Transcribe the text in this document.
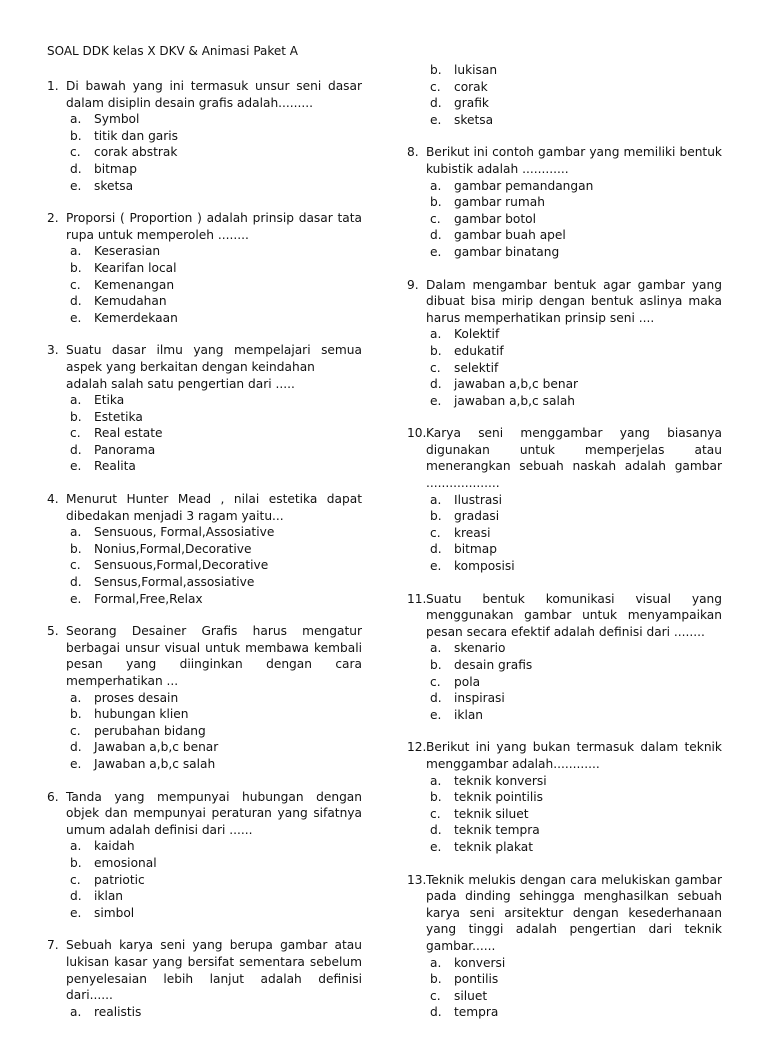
SOAL DDK kelas X DKV & Animasi Paket A
1. Di bawah yang ini termasuk unsur seni dasar dalam disiplin desain grafis adalah.........
a.	Symbol
b.	titik dan garis
c.	corak abstrak
d.	bitmap
e.	sketsa
2. Proporsi ( Proportion ) adalah prinsip dasar tata rupa untuk memperoleh ........
a.	Keserasian
b.	Kearifan local
c.	Kemenangan
d.	Kemudahan
e.	Kemerdekaan
3. Suatu dasar ilmu yang mempelajari semua aspek yang berkaitan dengan keindahan
adalah salah satu pengertian dari .....
a.	Etika
b.	Estetika
c.	Real estate
d.	Panorama
e.	Realita
4. Menurut Hunter Mead , nilai estetika dapat dibedakan menjadi 3 ragam yaitu...
a.	Sensuous, Formal,Assosiative
b.	Nonius,Formal,Decorative
c.	Sensuous,Formal,Decorative
d.	Sensus,Formal,assosiative
e.	Formal,Free,Relax
5. Seorang Desainer Grafis harus mengatur berbagai unsur visual untuk membawa kembali pesan yang diinginkan dengan cara memperhatikan ...
a.	proses desain
b.	hubungan klien
c.	perubahan bidang
d.	Jawaban a,b,c benar
e.	Jawaban a,b,c salah
6. Tanda yang mempunyai hubungan dengan objek dan mempunyai peraturan yang sifatnya umum adalah definisi dari ......
a.	kaidah
b.	emosional
c.	patriotic
d.	iklan
e.	simbol
7. Sebuah karya seni yang berupa gambar atau lukisan kasar yang bersifat sementara sebelum penyelesaian lebih lanjut adalah definisi dari......
a.	realistis
b.	lukisan
c.	corak
d.	grafik
e.	sketsa
8. Berikut ini contoh gambar yang memiliki bentuk kubistik adalah ............
a.	gambar pemandangan
b.	gambar rumah
c.	gambar botol
d.	gambar buah apel
e.	gambar binatang
9. Dalam mengambar bentuk agar gambar yang dibuat bisa mirip dengan bentuk aslinya maka harus memperhatikan prinsip seni ....
a.	Kolektif
b.	edukatif
c.	selektif
d.	jawaban a,b,c benar
e.	jawaban a,b,c salah
10. Karya seni menggambar yang biasanya digunakan untuk memperjelas atau menerangkan sebuah naskah adalah gambar ...................
a.	Ilustrasi
b.	gradasi
c.	kreasi
d.	bitmap
e.	komposisi
11. Suatu bentuk komunikasi visual yang menggunakan gambar untuk menyampaikan pesan secara efektif adalah definisi dari ........
a.	skenario
b.	desain grafis
c.	pola
d.	inspirasi
e.	iklan
12. Berikut ini yang bukan termasuk dalam teknik menggambar adalah............
a.	teknik konversi
b.	teknik pointilis
c.	teknik siluet
d.	teknik tempra
e.	teknik plakat
13. Teknik melukis dengan cara melukiskan gambar pada dinding sehingga menghasilkan sebuah karya seni arsitektur dengan kesederhanaan yang tinggi adalah pengertian dari teknik gambar......
a.	konversi
b.	pontilis
c.	siluet
d.	tempra
